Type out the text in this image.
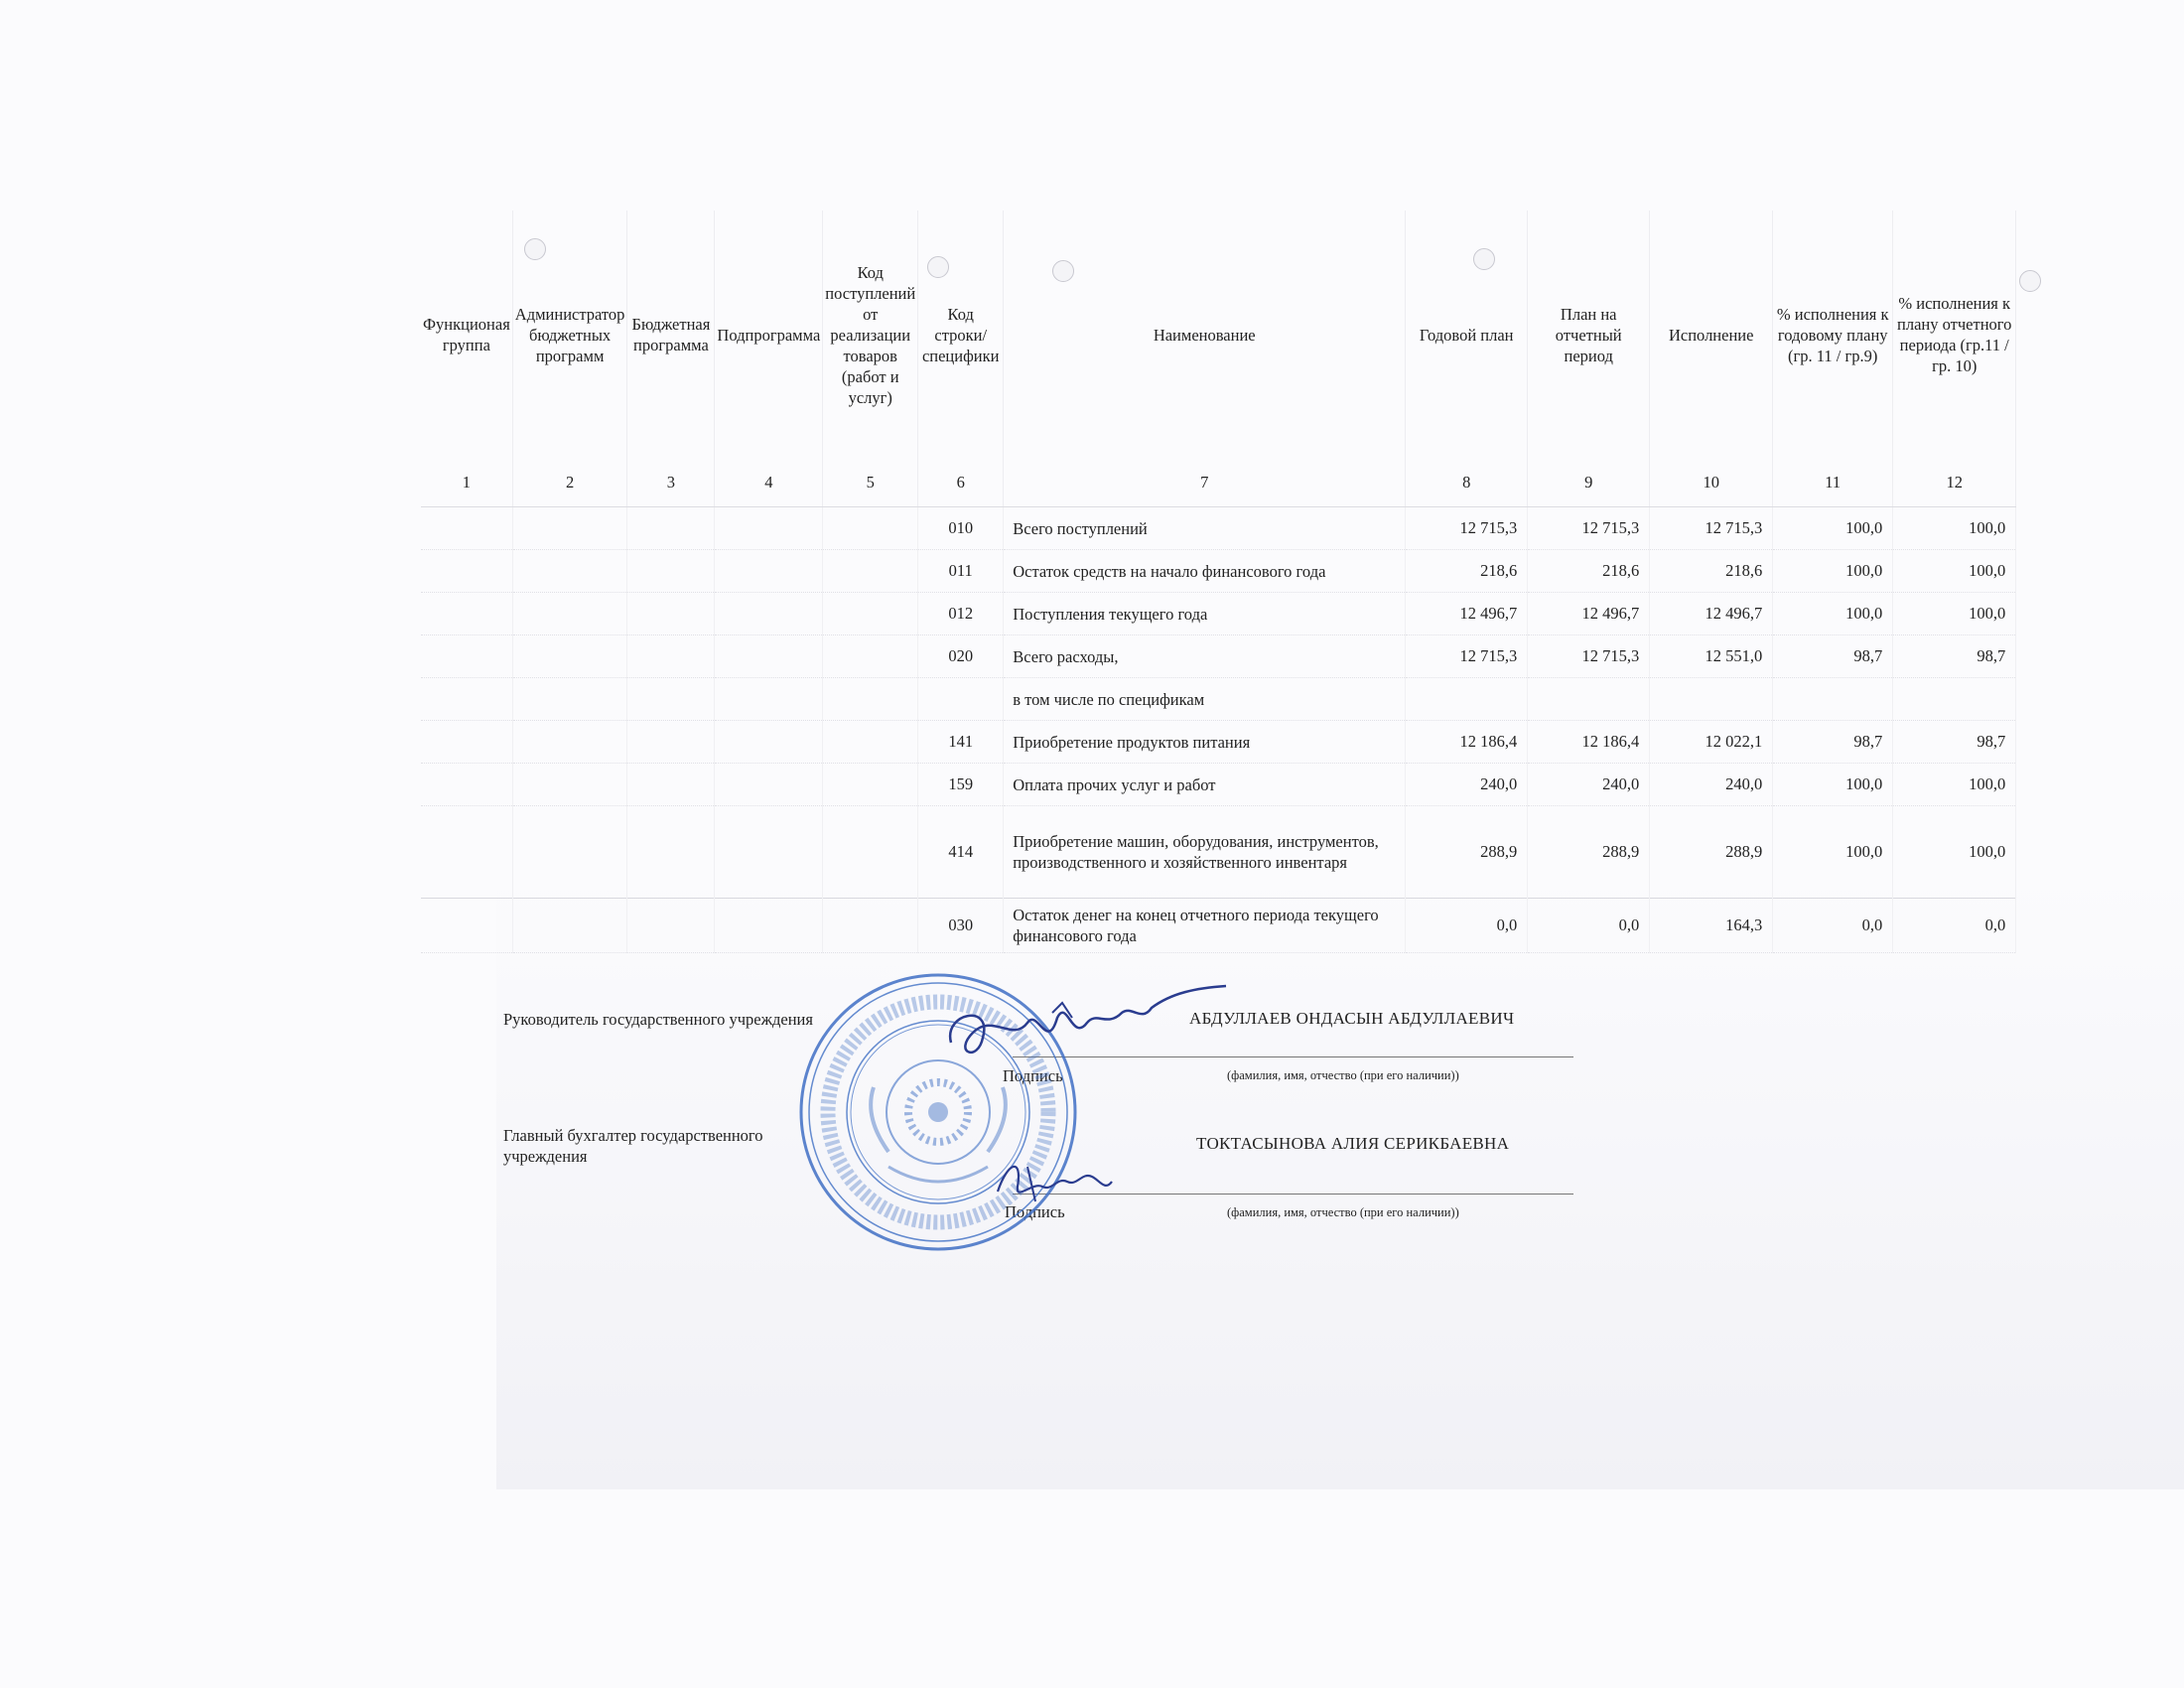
Функционая группа	Администратор бюджетных программ	Бюджетная программа	Подпрограмма	Код поступлений от реализации товаров (работ и услуг)	Код строки/специфики	Наименование	Годовой план	План на отчетный период	Исполнение	% исполнения к годовому плану (гр. 11 / гр.9)	% исполнения к плану отчетного периода (гр.11 / гр. 10)
1	2	3	4	5	6	7	8	9	10	11	12
					010	Всего поступлений	12 715,3	12 715,3	12 715,3	100,0	100,0
					011	Остаток средств на начало финансового года	218,6	218,6	218,6	100,0	100,0
					012	Поступления текущего года	12 496,7	12 496,7	12 496,7	100,0	100,0
					020	Всего расходы,	12 715,3	12 715,3	12 551,0	98,7	98,7
						в том числе по спецификам					
					141	Приобретение продуктов питания	12 186,4	12 186,4	12 022,1	98,7	98,7
					159	Оплата прочих услуг и работ	240,0	240,0	240,0	100,0	100,0
					414	Приобретение машин, оборудования, инструментов, производственного и хозяйственного инвентаря	288,9	288,9	288,9	100,0	100,0
					030	Остаток денег на конец отчетного периода текущего финансового года	0,0	0,0	164,3	0,0	0,0
Руководитель государственного учреждения	АБДУЛЛАЕВ ОНДАСЫН АБДУЛЛАЕВИЧ
Подпись	(фамилия, имя, отчество (при его наличии))
Главный бухгалтер государственного учреждения
ТОКТАСЫНОВА АЛИЯ СЕРИКБАЕВНА
Подпись	(фамилия, имя, отчество (при его наличии))
